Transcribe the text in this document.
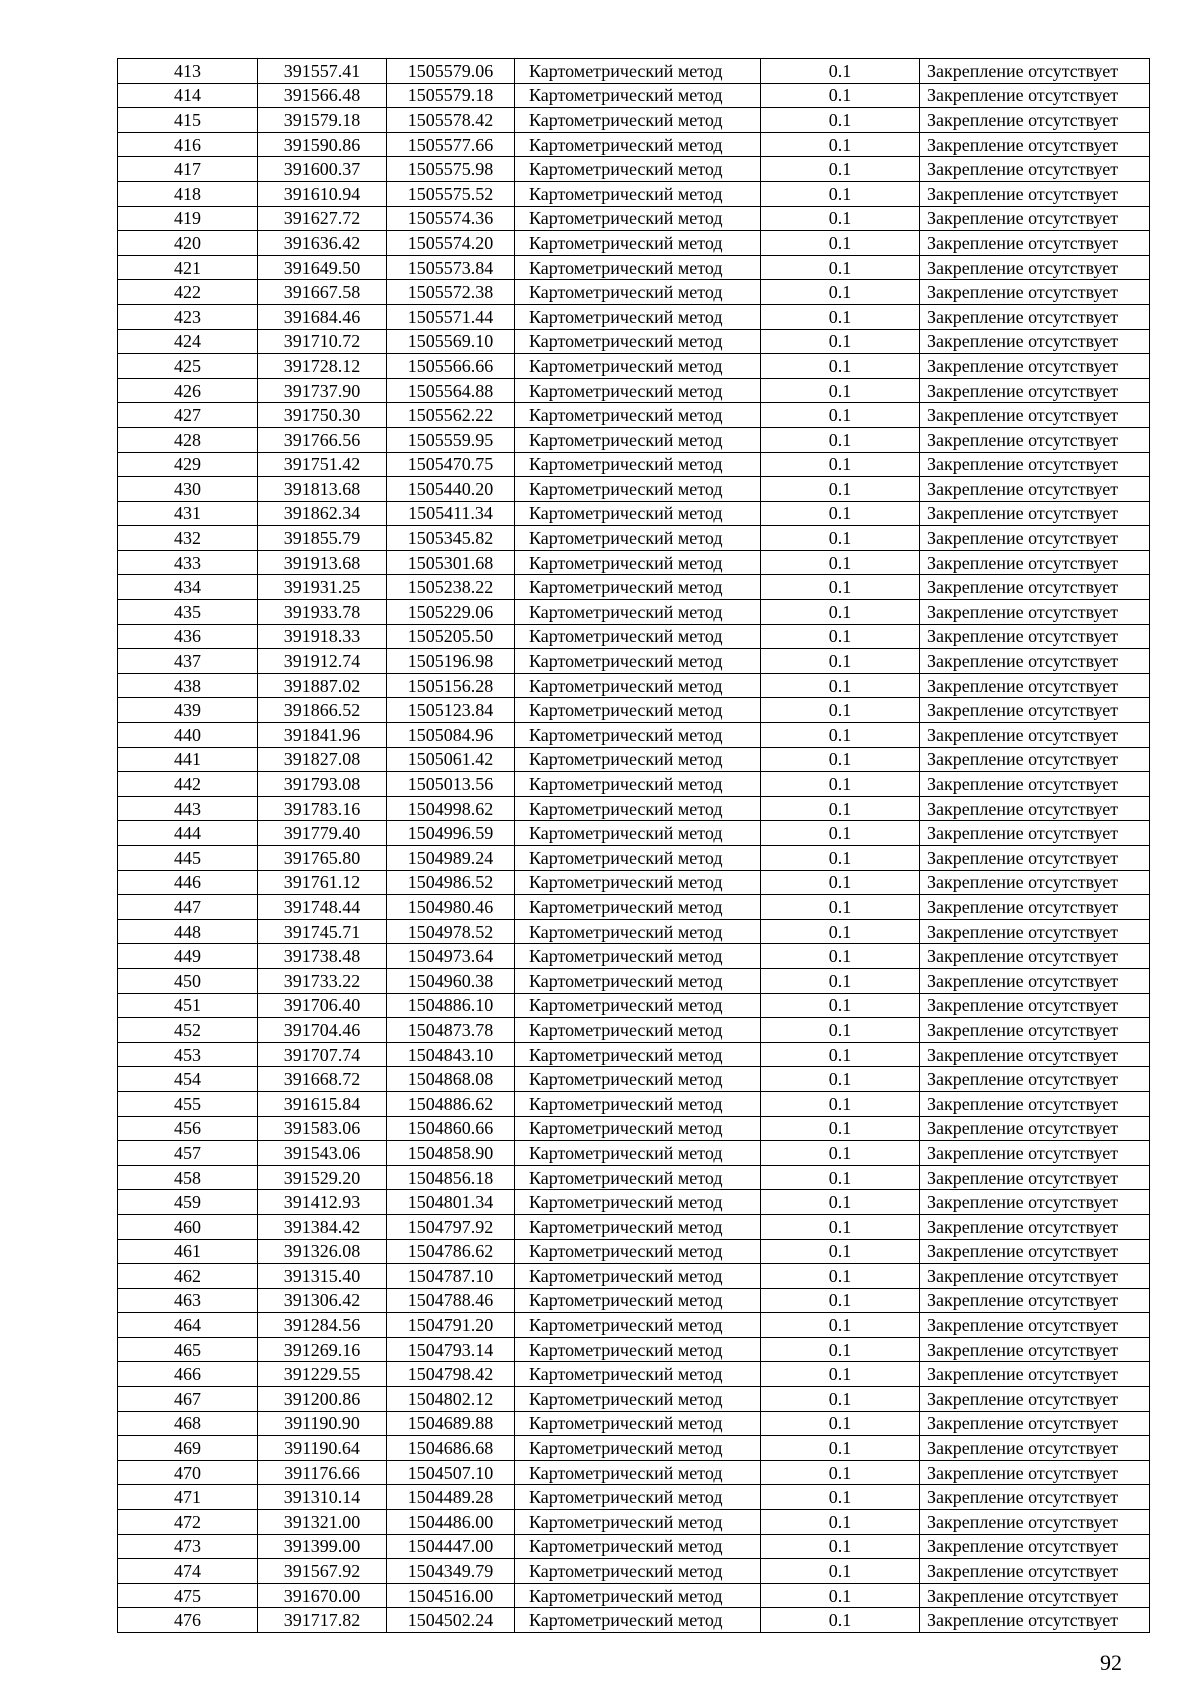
413	391557.41	1505579.06	Картометрический метод	0.1	Закрепление отсутствует
414	391566.48	1505579.18	Картометрический метод	0.1	Закрепление отсутствует
415	391579.18	1505578.42	Картометрический метод	0.1	Закрепление отсутствует
416	391590.86	1505577.66	Картометрический метод	0.1	Закрепление отсутствует
417	391600.37	1505575.98	Картометрический метод	0.1	Закрепление отсутствует
418	391610.94	1505575.52	Картометрический метод	0.1	Закрепление отсутствует
419	391627.72	1505574.36	Картометрический метод	0.1	Закрепление отсутствует
420	391636.42	1505574.20	Картометрический метод	0.1	Закрепление отсутствует
421	391649.50	1505573.84	Картометрический метод	0.1	Закрепление отсутствует
422	391667.58	1505572.38	Картометрический метод	0.1	Закрепление отсутствует
423	391684.46	1505571.44	Картометрический метод	0.1	Закрепление отсутствует
424	391710.72	1505569.10	Картометрический метод	0.1	Закрепление отсутствует
425	391728.12	1505566.66	Картометрический метод	0.1	Закрепление отсутствует
426	391737.90	1505564.88	Картометрический метод	0.1	Закрепление отсутствует
427	391750.30	1505562.22	Картометрический метод	0.1	Закрепление отсутствует
428	391766.56	1505559.95	Картометрический метод	0.1	Закрепление отсутствует
429	391751.42	1505470.75	Картометрический метод	0.1	Закрепление отсутствует
430	391813.68	1505440.20	Картометрический метод	0.1	Закрепление отсутствует
431	391862.34	1505411.34	Картометрический метод	0.1	Закрепление отсутствует
432	391855.79	1505345.82	Картометрический метод	0.1	Закрепление отсутствует
433	391913.68	1505301.68	Картометрический метод	0.1	Закрепление отсутствует
434	391931.25	1505238.22	Картометрический метод	0.1	Закрепление отсутствует
435	391933.78	1505229.06	Картометрический метод	0.1	Закрепление отсутствует
436	391918.33	1505205.50	Картометрический метод	0.1	Закрепление отсутствует
437	391912.74	1505196.98	Картометрический метод	0.1	Закрепление отсутствует
438	391887.02	1505156.28	Картометрический метод	0.1	Закрепление отсутствует
439	391866.52	1505123.84	Картометрический метод	0.1	Закрепление отсутствует
440	391841.96	1505084.96	Картометрический метод	0.1	Закрепление отсутствует
441	391827.08	1505061.42	Картометрический метод	0.1	Закрепление отсутствует
442	391793.08	1505013.56	Картометрический метод	0.1	Закрепление отсутствует
443	391783.16	1504998.62	Картометрический метод	0.1	Закрепление отсутствует
444	391779.40	1504996.59	Картометрический метод	0.1	Закрепление отсутствует
445	391765.80	1504989.24	Картометрический метод	0.1	Закрепление отсутствует
446	391761.12	1504986.52	Картометрический метод	0.1	Закрепление отсутствует
447	391748.44	1504980.46	Картометрический метод	0.1	Закрепление отсутствует
448	391745.71	1504978.52	Картометрический метод	0.1	Закрепление отсутствует
449	391738.48	1504973.64	Картометрический метод	0.1	Закрепление отсутствует
450	391733.22	1504960.38	Картометрический метод	0.1	Закрепление отсутствует
451	391706.40	1504886.10	Картометрический метод	0.1	Закрепление отсутствует
452	391704.46	1504873.78	Картометрический метод	0.1	Закрепление отсутствует
453	391707.74	1504843.10	Картометрический метод	0.1	Закрепление отсутствует
454	391668.72	1504868.08	Картометрический метод	0.1	Закрепление отсутствует
455	391615.84	1504886.62	Картометрический метод	0.1	Закрепление отсутствует
456	391583.06	1504860.66	Картометрический метод	0.1	Закрепление отсутствует
457	391543.06	1504858.90	Картометрический метод	0.1	Закрепление отсутствует
458	391529.20	1504856.18	Картометрический метод	0.1	Закрепление отсутствует
459	391412.93	1504801.34	Картометрический метод	0.1	Закрепление отсутствует
460	391384.42	1504797.92	Картометрический метод	0.1	Закрепление отсутствует
461	391326.08	1504786.62	Картометрический метод	0.1	Закрепление отсутствует
462	391315.40	1504787.10	Картометрический метод	0.1	Закрепление отсутствует
463	391306.42	1504788.46	Картометрический метод	0.1	Закрепление отсутствует
464	391284.56	1504791.20	Картометрический метод	0.1	Закрепление отсутствует
465	391269.16	1504793.14	Картометрический метод	0.1	Закрепление отсутствует
466	391229.55	1504798.42	Картометрический метод	0.1	Закрепление отсутствует
467	391200.86	1504802.12	Картометрический метод	0.1	Закрепление отсутствует
468	391190.90	1504689.88	Картометрический метод	0.1	Закрепление отсутствует
469	391190.64	1504686.68	Картометрический метод	0.1	Закрепление отсутствует
470	391176.66	1504507.10	Картометрический метод	0.1	Закрепление отсутствует
471	391310.14	1504489.28	Картометрический метод	0.1	Закрепление отсутствует
472	391321.00	1504486.00	Картометрический метод	0.1	Закрепление отсутствует
473	391399.00	1504447.00	Картометрический метод	0.1	Закрепление отсутствует
474	391567.92	1504349.79	Картометрический метод	0.1	Закрепление отсутствует
475	391670.00	1504516.00	Картометрический метод	0.1	Закрепление отсутствует
476	391717.82	1504502.24	Картометрический метод	0.1	Закрепление отсутствует
92
